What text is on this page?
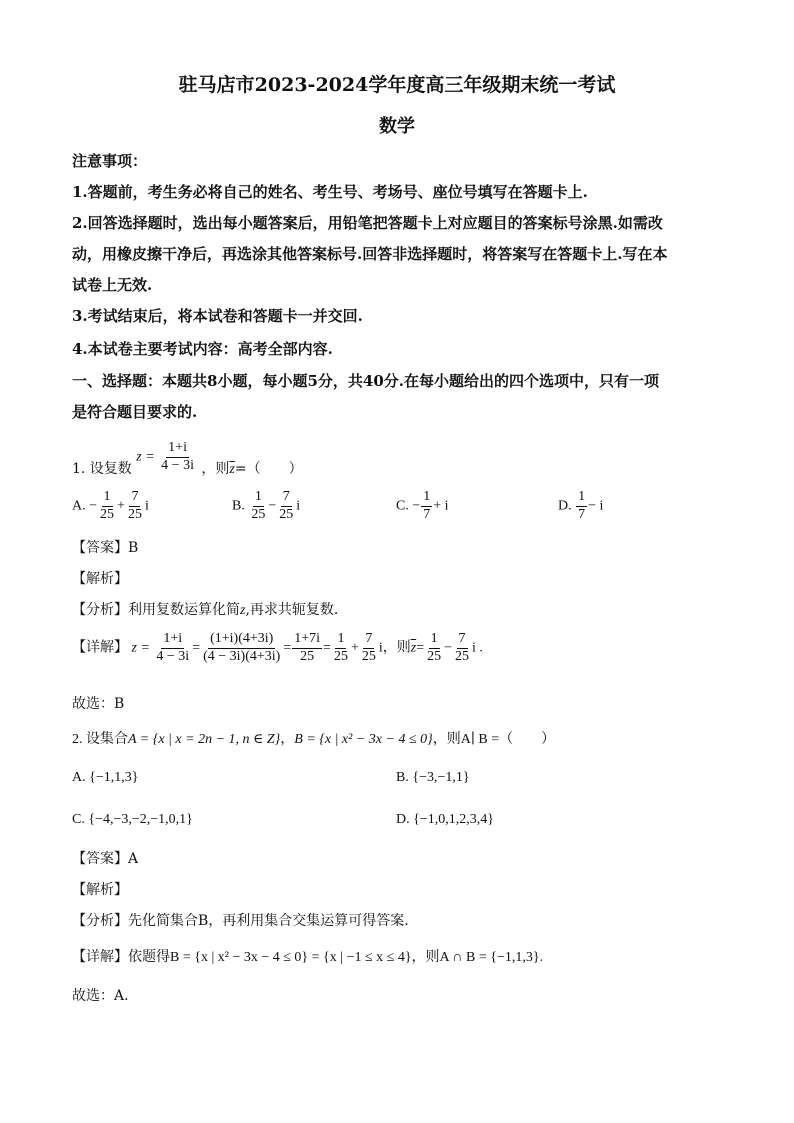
驻马店市2023-2024学年度高三年级期末统一考试
数学
注意事项：
1.答题前，考生务必将自己的姓名、考生号、考场号、座位号填写在答题卡上.
2.回答选择题时，选出每小题答案后，用铅笔把答题卡上对应题目的答案标号涂黑.如需改
动，用橡皮擦干净后，再选涂其他答案标号.回答非选择题时，将答案写在答题卡上.写在本
试卷上无效.
3.考试结束后，将本试卷和答题卡一并交回.
4.本试卷主要考试内容：高考全部内容.
一、选择题：本题共8小题，每小题5分，共40分.在每小题给出的四个选项中，只有一项
是符合题目要求的.
1. 设复数 $z = \frac{1+i}{4 - 3i}$ ，则$\overline{z}=$（　　）
A. − $\frac{1}{25} + \frac{7}{25}$ i	B. $\frac{1}{25} - \frac{7}{25}$ i	C. − $\frac{1}{7} + i$	D. $\frac{1}{7} - i$
【答案】B
【解析】
【分析】利用复数运算化简z,再求共轭复数.
【详解】 $z = \frac{1+i}{4 - 3i} = \frac{(1+i)(4+3i)}{(4 - 3i)(4+3i)} = \frac{1+7i}{25} = \frac{1}{25} + \frac{7}{25}$ i，则$\overline{z}= \frac{1}{25} - \frac{7}{25}$ i .
故选：B
2. 设集合A = {x | x = 2n − 1, n ∈ Z}，B = {x | x² − 3x − 4 ≤ 0}，则A∣ B =（　　）
A. {−1,1,3}	B. {−3,−1,1}
C. {−4,−3,−2,−1,0,1}	D. {−1,0,1,2,3,4}
【答案】A
【解析】
【分析】先化简集合B，再利用集合交集运算可得答案.
【详解】依题得B = {x | x² − 3x − 4 ≤ 0} = {x | −1 ≤ x ≤ 4}，则A ∩ B = {−1,1,3}.
故选：A.
